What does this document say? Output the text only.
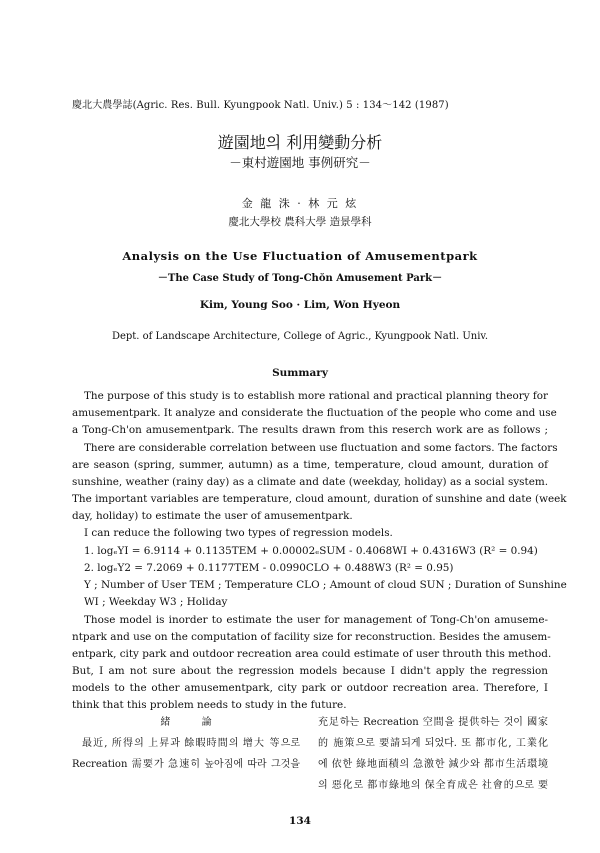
慶北大農學誌(Agric. Res. Bull. Kyungpook Natl. Univ.) 5 : 134～142 (1987)
遊園地의 利用變動分析
－東村遊園地 事例研究－
金 龍 洙 · 林 元 炫
慶北大學校 農科大學 造景學科
Analysis on the Use Fluctuation of Amusementpark
－The Case Study of Tong-Chŏn Amusement Park－
Kim, Young Soo · Lim, Won Hyeon
Dept. of Landscape Architecture, College of Agric., Kyungpook Natl. Univ.
Summary
The purpose of this study is to establish more rational and practical planning theory for
amusementpark. It analyze and considerate the fluctuation of the people who come and use
a Tong-Ch'on amusementpark. The results drawn from this reserch work are as follows ;
There are considerable correlation between use fluctuation and some factors. The factors
are season (spring, summer, autumn) as a time, temperature, cloud amount, duration of
sunshine, weather (rainy day) as a climate and date (weekday, holiday) as a social system.
The important variables are temperature, cloud amount, duration of sunshine and date (week
day, holiday) to estimate the user of amusementpark.
I can reduce the following two types of regression models.
1. logₑYI = 6.9114 + 0.1135TEM + 0.00002ₑSUM - 0.4068WI + 0.4316W3 (R² = 0.94)
2. logₑY2 = 7.2069 + 0.1177TEM - 0.0990CLO + 0.488W3 (R² = 0.95)
Y ; Number of User TEM ; Temperature CLO ; Amount of cloud SUN ; Duration of Sunshine
WI ; Weekday W3 ; Holiday
Those model is inorder to estimate the user for management of Tong-Ch'on amuseme-
ntpark and use on the computation of facility size for reconstruction. Besides the amusem-
entpark, city park and outdoor recreation area could estimate of user throuth this method.
But, I am not sure about the regression models because I didn't apply the regression
models to the other amusementpark, city park or outdoor recreation area. Therefore, I
think that this problem needs to study in the future.
緒 論
最近, 所得의 上昇과 餘暇時間의 增大 等으로
Recreation 需要가 急速히 높아짐에 따라 그것을
充足하는 Recreation 空間을 提供하는 것이 國家
的 施策으로 要請되게 되었다. 또 都市化, 工業化
에 依한 綠地面積의 急激한 減少와 都市生活環境
의 惡化로 都市綠地의 保全育成은 社會的으로 要
134
